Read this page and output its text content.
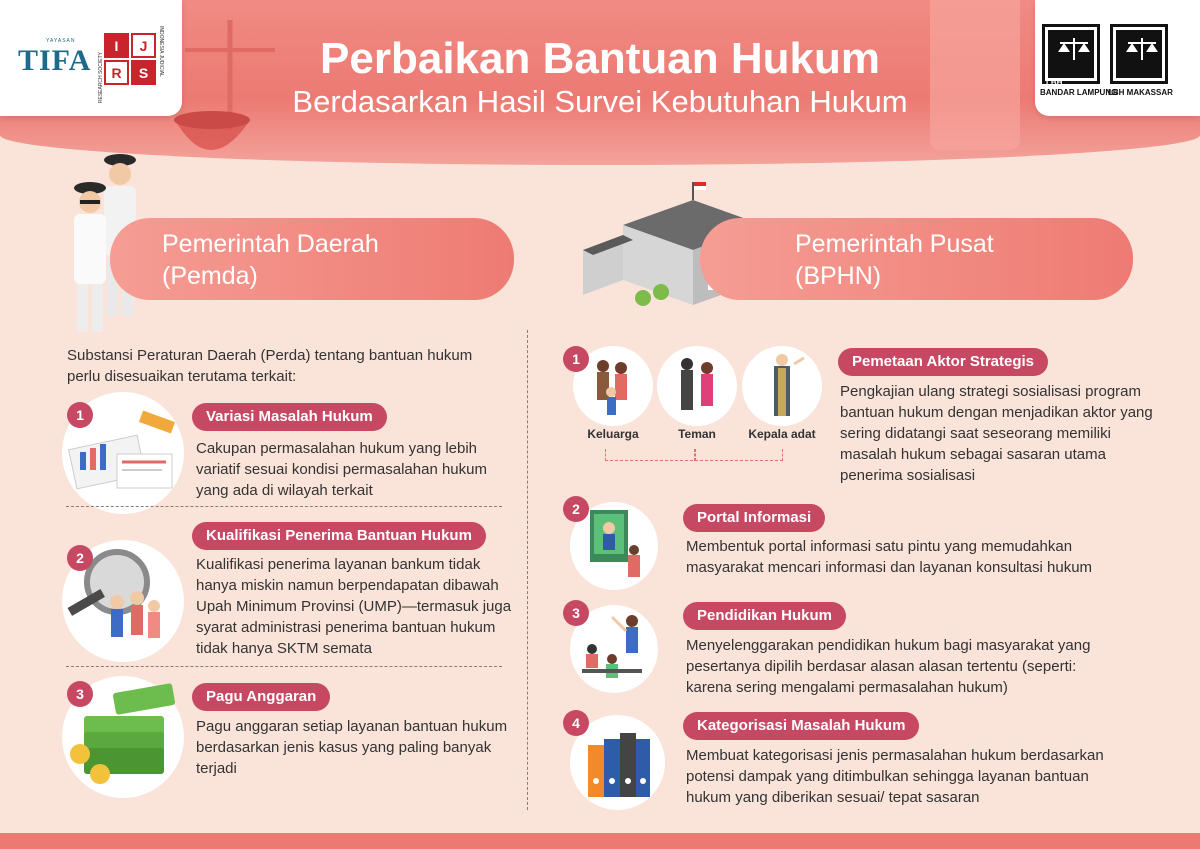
YAYASAN
TIFA RESEARCH SOCIETY
I	J
R	S	INDONESIA JUDICIAL
LBH
BANDAR LAMPUNG
LBH MAKASSAR
Perbaikan Bantuan Hukum
Berdasarkan Hasil Survei Kebutuhan Hukum
Pemerintah Daerah
(Pemda)
Substansi Peraturan Daerah (Perda) tentang bantuan hukum perlu disesuaikan terutama terkait:
1	Variasi Masalah Hukum
Cakupan permasalahan hukum yang lebih variatif sesuai kondisi permasalahan hukum yang ada di wilayah terkait
2
Kualifikasi Penerima Bantuan Hukum
Kualifikasi penerima layanan bankum tidak hanya miskin namun berpendapatan dibawah Upah Minimum Provinsi (UMP)—termasuk juga syarat administrasi penerima bantuan hukum tidak hanya SKTM semata
3	Pagu Anggaran
Pagu anggaran setiap layanan bantuan hukum berdasarkan jenis kasus yang paling banyak terjadi
Pemerintah Pusat
(BPHN)
1
Keluarga	Teman	Kepala adat
Pemetaan Aktor Strategis
Pengkajian ulang strategi sosialisasi program bantuan hukum dengan menjadikan aktor yang sering didatangi saat seseorang memiliki masalah hukum sebagai sasaran utama penerima sosialisasi
2	Portal Informasi
Membentuk portal informasi satu pintu yang memudahkan masyarakat mencari informasi dan layanan konsultasi hukum
3	Pendidikan Hukum
Menyelenggarakan pendidikan hukum bagi masyarakat yang pesertanya dipilih berdasar alasan alasan tertentu (seperti: karena sering mengalami permasalahan hukum)
4	Kategorisasi Masalah Hukum
Membuat kategorisasi jenis permasalahan hukum berdasarkan potensi dampak yang ditimbulkan sehingga layanan bantuan hukum yang diberikan sesuai/ tepat sasaran
